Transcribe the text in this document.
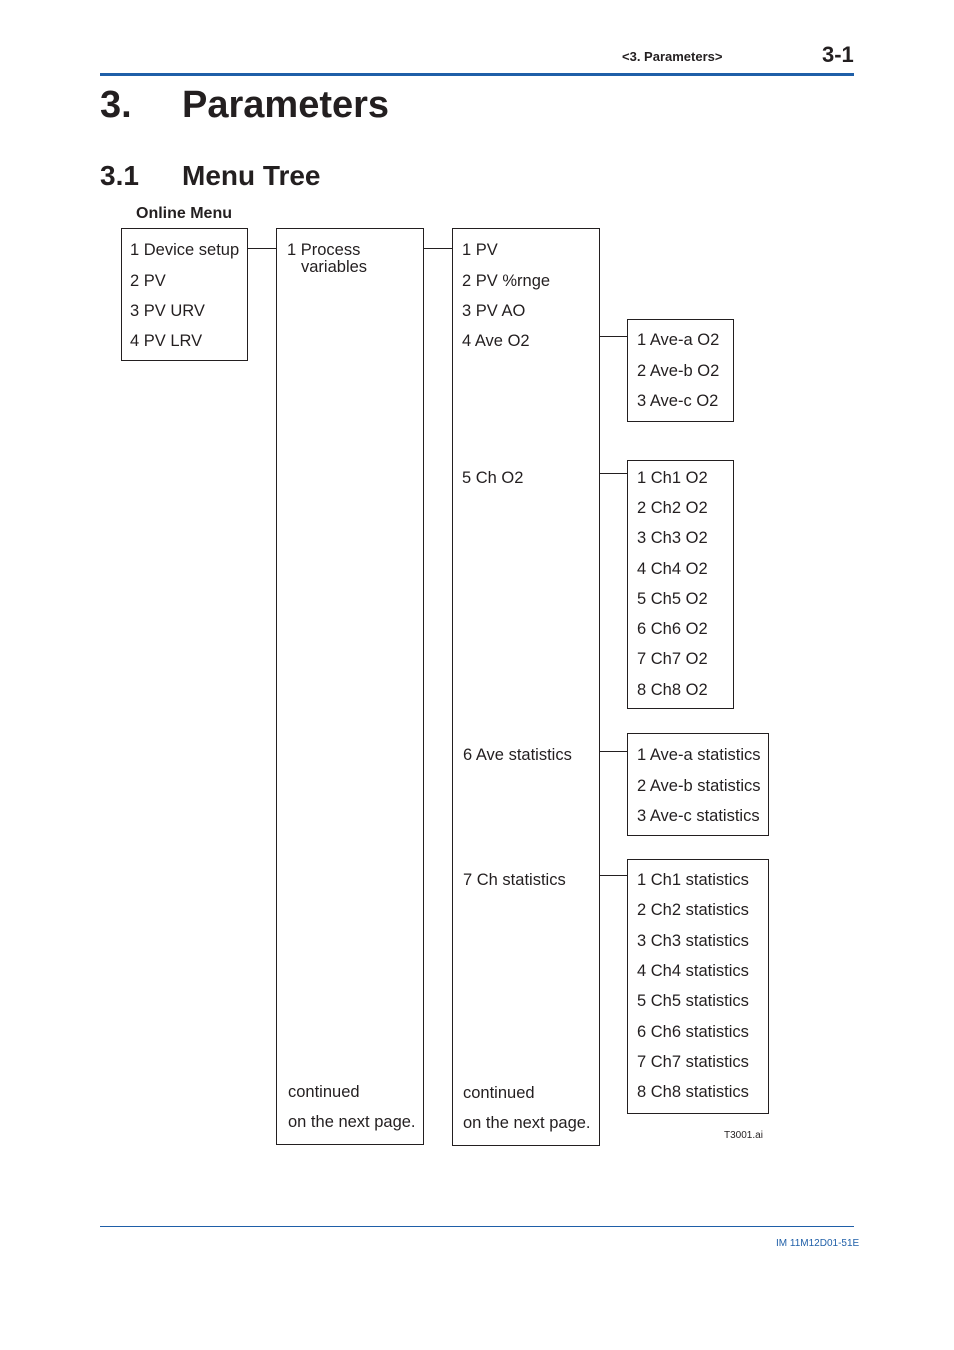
<3. Parameters>	3-1
3. Parameters
3.1 Menu Tree
Online Menu
1 Device setup
2 PV
3 PV URV
4 PV LRV
1 Process
variables
continued
on the next page.
1 PV
2 PV %rnge
3 PV AO
4 Ave O2
5 Ch O2
6 Ave statistics
7 Ch statistics
continued
on the next page.
1 Ave-a O2
2 Ave-b O2
3 Ave-c O2
1 Ch1 O2
2 Ch2 O2
3 Ch3 O2
4 Ch4 O2
5 Ch5 O2
6 Ch6 O2
7 Ch7 O2
8 Ch8 O2
1 Ave-a statistics
2 Ave-b statistics
3 Ave-c statistics
1 Ch1 statistics
2 Ch2 statistics
3 Ch3 statistics
4 Ch4 statistics
5 Ch5 statistics
6 Ch6 statistics
7 Ch7 statistics
8 Ch8 statistics
T3001.ai
IM 11M12D01-51E
